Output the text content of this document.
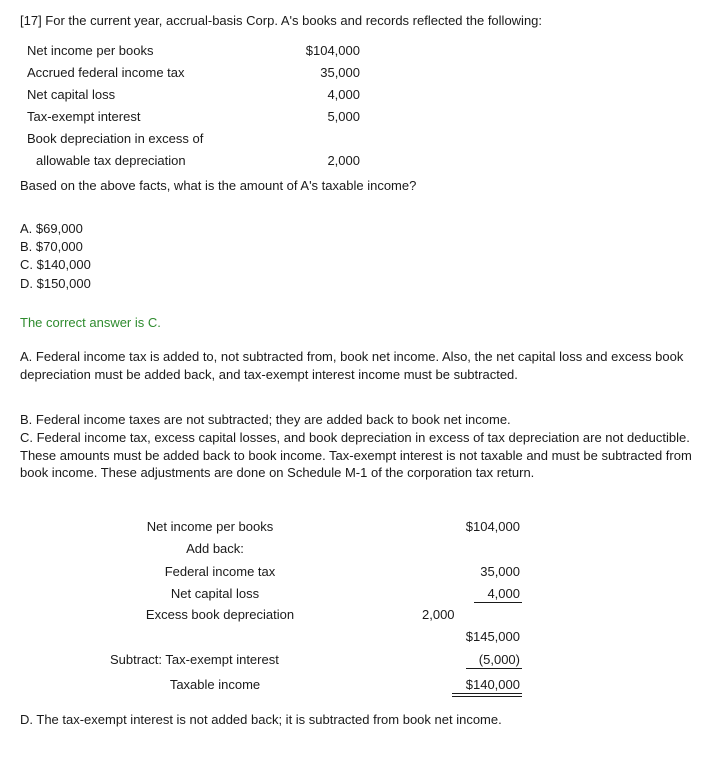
[17] For the current year, accrual-basis Corp. A's books and records reflected the following:
Net income per books	$104,000
Accrued federal income tax	35,000
Net capital loss	4,000
Tax-exempt interest	5,000
Book depreciation in excess of
allowable tax depreciation	2,000
Based on the above facts, what is the amount of A's taxable income?
A. $69,000
B. $70,000
C. $140,000
D. $150,000
The correct answer is C.
A. Federal income tax is added to, not subtracted from, book net income. Also, the net capital loss and excess book depreciation must be added back, and tax-exempt interest income must be subtracted.
B. Federal income taxes are not subtracted; they are added back to book net income.
C. Federal income tax, excess capital losses, and book depreciation in excess of tax depreciation are not deductible. These amounts must be added back to book income. Tax-exempt interest is not taxable and must be subtracted from book income. These adjustments are done on Schedule M-1 of the corporation tax return.
Net income per books	$104,000
Add back:
Federal income tax	35,000
Net capital loss	4,000
Excess book depreciation	2,000
$145,000
Subtract: Tax-exempt interest	(5,000)
Taxable income	$140,000
D. The tax-exempt interest is not added back; it is subtracted from book net income.
